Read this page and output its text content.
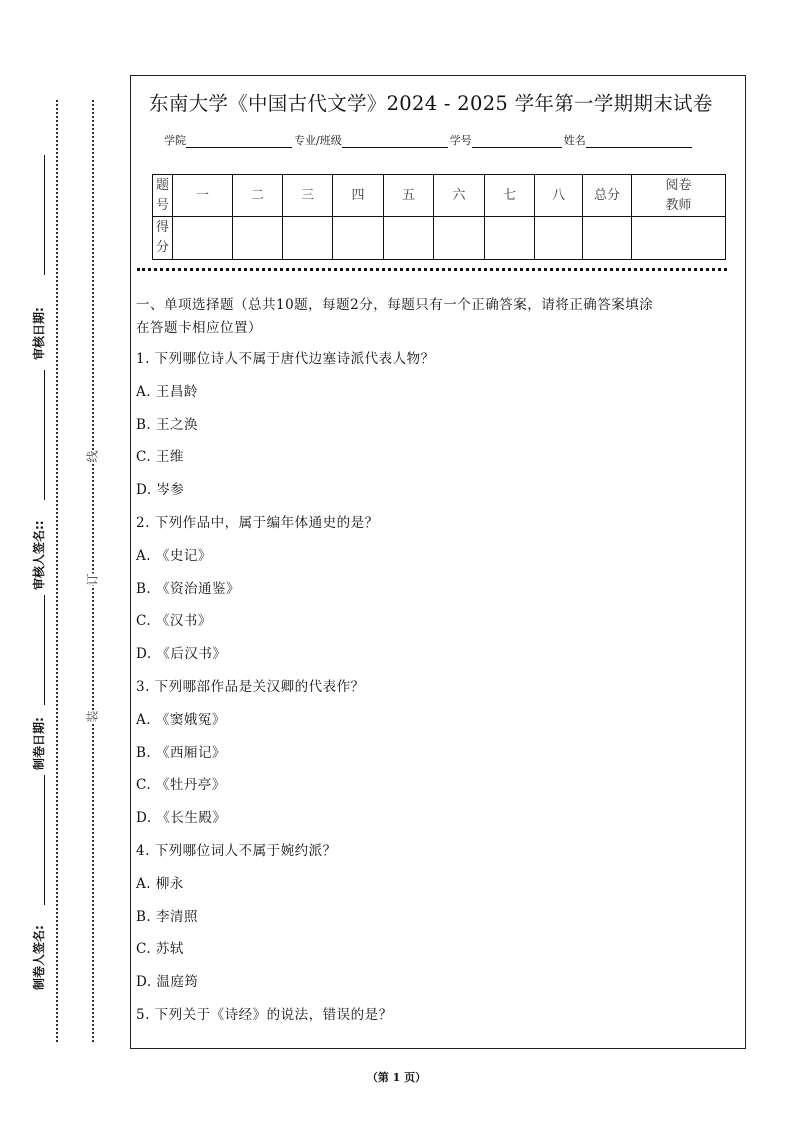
审核日期:
审核人签名::
制卷日期:
制卷人签名:
线
订
装
东南大学《中国古代文学》2024 - 2025 学年第一学期期末试卷
学院	专业/班级	学号	姓名
题号	一	二	三	四	五	六	七	八	总分	阅卷教师
得分										
一、单项选择题（总共10题，每题2分，每题只有一个正确答案，请将正确答案填涂
在答题卡相应位置）
1. 下列哪位诗人不属于唐代边塞诗派代表人物？
A. 王昌龄
B. 王之涣
C. 王维
D. 岑参
2. 下列作品中，属于编年体通史的是？
A. 《史记》
B. 《资治通鉴》
C. 《汉书》
D. 《后汉书》
3. 下列哪部作品是关汉卿的代表作？
A. 《窦娥冤》
B. 《西厢记》
C. 《牡丹亭》
D. 《长生殿》
4. 下列哪位词人不属于婉约派？
A. 柳永
B. 李清照
C. 苏轼
D. 温庭筠
5. 下列关于《诗经》的说法，错误的是？
（第 1 页）
